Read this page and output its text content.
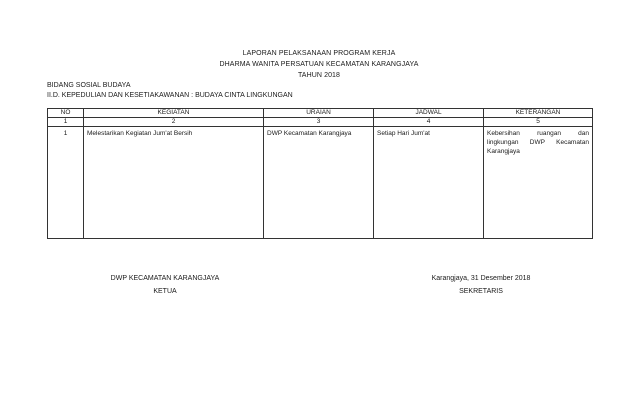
LAPORAN PELAKSANAAN PROGRAM KERJA
DHARMA WANITA PERSATUAN KECAMATAN KARANGJAYA
TAHUN 2018
BIDANG SOSIAL BUDAYA
II.D. KEPEDULIAN DAN KESETIAKAWANAN : BUDAYA CINTA LINGKUNGAN
NO	KEGIATAN	URAIAN	JADWAL	KETERANGAN
1	2	3	4	5
1	Melestarikan Kegiatan Jum'at Bersih	DWP Kecamatan Karangjaya	Setiap Hari Jum'at	Kebersihan ruangan dan lingkungan DWP Kecamatan Karangjaya
DWP KECAMATAN KARANGJAYA
KETUA
Karangjaya, 31 Desember 2018
SEKRETARIS
